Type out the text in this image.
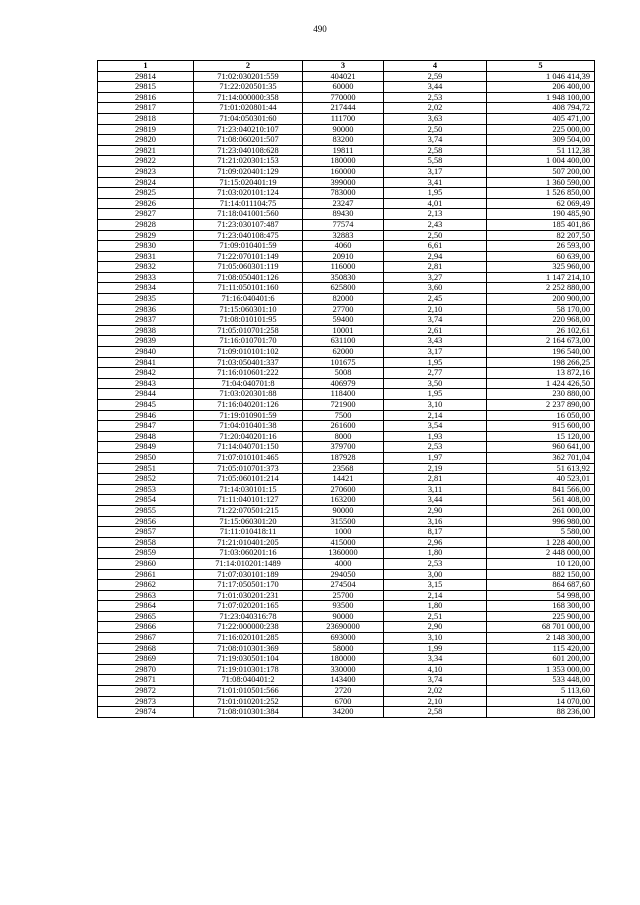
490
1	2	3	4	5
29814	71:02:030201:559	404021	2,59	1 046 414,39
29815	71:22:020501:35	60000	3,44	206 400,00
29816	71:14:000000:358	770000	2,53	1 948 100,00
29817	71:01:020801:44	217444	2,02	408 794,72
29818	71:04:050301:60	111700	3,63	405 471,00
29819	71:23:040210:107	90000	2,50	225 000,00
29820	71:08:060201:507	83200	3,74	309 504,00
29821	71:23:040108:628	19811	2,58	51 112,38
29822	71:21:020301:153	180000	5,58	1 004 400,00
29823	71:09:020401:129	160000	3,17	507 200,00
29824	71:15:020401:19	399000	3,41	1 360 590,00
29825	71:03:020101:124	783000	1,95	1 526 850,00
29826	71:14:011104:75	23247	4,01	62 069,49
29827	71:18:041001:560	89430	2,13	190 485,90
29828	71:23:030107:487	77574	2,43	185 401,86
29829	71:23:040108:475	32883	2,50	82 207,50
29830	71:09:010401:59	4060	6,61	26 593,00
29831	71:22:070101:149	20910	2,94	60 639,00
29832	71:05:060301:119	116000	2,81	325 960,00
29833	71:08:050401:126	350830	3,27	1 147 214,10
29834	71:11:050101:160	625800	3,60	2 252 880,00
29835	71:16:040401:6	82000	2,45	200 900,00
29836	71:15:060301:10	27700	2,10	58 170,00
29837	71:08:010101:95	59400	3,74	220 968,00
29838	71:05:010701:258	10001	2,61	26 102,61
29839	71:16:010701:70	631100	3,43	2 164 673,00
29840	71:09:010101:102	62000	3,17	196 540,00
29841	71:03:050401:337	101675	1,95	198 266,25
29842	71:16:010601:222	5008	2,77	13 872,16
29843	71:04:040701:8	406979	3,50	1 424 426,50
29844	71:03:020301:88	118400	1,95	230 880,00
29845	71:16:040201:126	721900	3,10	2 237 890,00
29846	71:19:010901:59	7500	2,14	16 050,00
29847	71:04:010401:38	261600	3,54	915 600,00
29848	71:20:040201:16	8000	1,93	15 120,00
29849	71:14:040701:150	379700	2,53	960 641,00
29850	71:07:010101:465	187928	1,97	362 701,04
29851	71:05:010701:373	23568	2,19	51 613,92
29852	71:05:060101:214	14421	2,81	40 523,01
29853	71:14:030101:15	270600	3,11	841 566,00
29854	71:11:040101:127	163200	3,44	561 408,00
29855	71:22:070501:215	90000	2,90	261 000,00
29856	71:15:060301:20	315500	3,16	996 980,00
29857	71:11:010418:11	1000	8,17	5 580,00
29858	71:21:010401:205	415000	2,96	1 228 400,00
29859	71:03:060201:16	1360000	1,80	2 448 000,00
29860	71:14:010201:1489	4000	2,53	10 120,00
29861	71:07:030101:189	294050	3,00	882 150,00
29862	71:17:050501:170	274504	3,15	864 687,60
29863	71:01:030201:231	25700	2,14	54 998,00
29864	71:07:020201:165	93500	1,80	168 300,00
29865	71:23:040316:78	90000	2,51	225 900,00
29866	71:22:000000:238	23690000	2,90	68 701 000,00
29867	71:16:020101:285	693000	3,10	2 148 300,00
29868	71:08:010301:369	58000	1,99	115 420,00
29869	71:19:030501:104	180000	3,34	601 200,00
29870	71:19:010301:178	330000	4,10	1 353 000,00
29871	71:08:040401:2	143400	3,74	533 448,00
29872	71:01:010501:566	2720	2,02	5 113,60
29873	71:01:010201:252	6700	2,10	14 070,00
29874	71:08:010301:384	34200	2,58	88 236,00
